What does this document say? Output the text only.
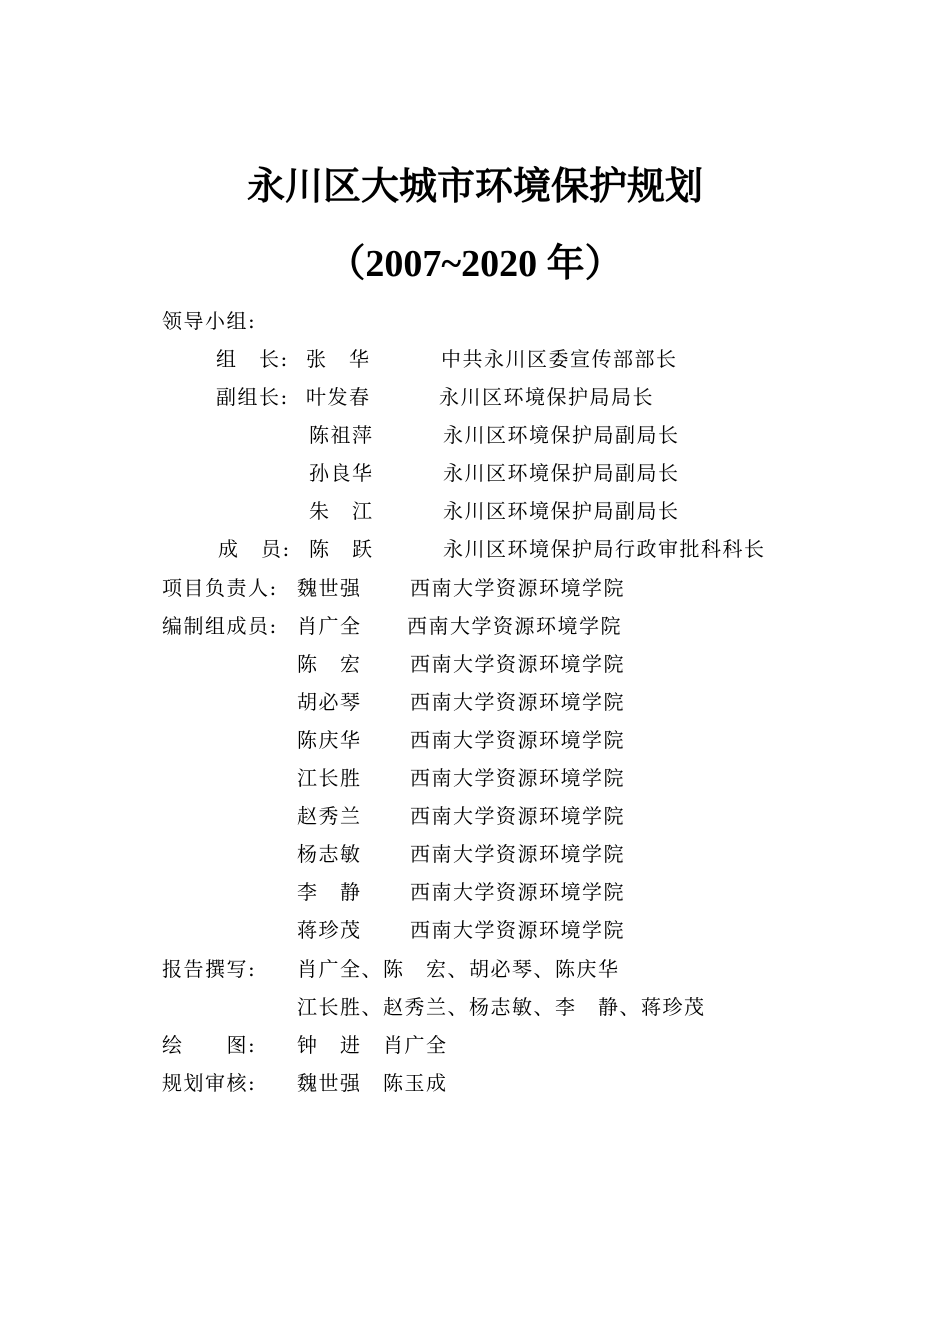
永川区大城市环境保护规划
（2007~2020 年）
领导小组:
组　长: 张　华	中共永川区委宣传部部长
副组长: 叶发春	永川区环境保护局局长
陈祖萍	永川区环境保护局副局长
孙良华	永川区环境保护局副局长
朱　江	永川区环境保护局副局长
成　员: 陈　跃	永川区环境保护局行政审批科科长
项目负责人: 魏世强 西南大学资源环境学院
编制组成员: 肖广全 西南大学资源环境学院
陈　宏 西南大学资源环境学院
胡必琴 西南大学资源环境学院
陈庆华 西南大学资源环境学院
江长胜 西南大学资源环境学院
赵秀兰 西南大学资源环境学院
杨志敏 西南大学资源环境学院
李　静 西南大学资源环境学院
蒋珍茂 西南大学资源环境学院
报告撰写: 肖广全、陈　宏、胡必琴、陈庆华
江长胜、赵秀兰、杨志敏、李　静、蒋珍茂
绘　　图: 钟　进　肖广全
规划审核: 魏世强　陈玉成
